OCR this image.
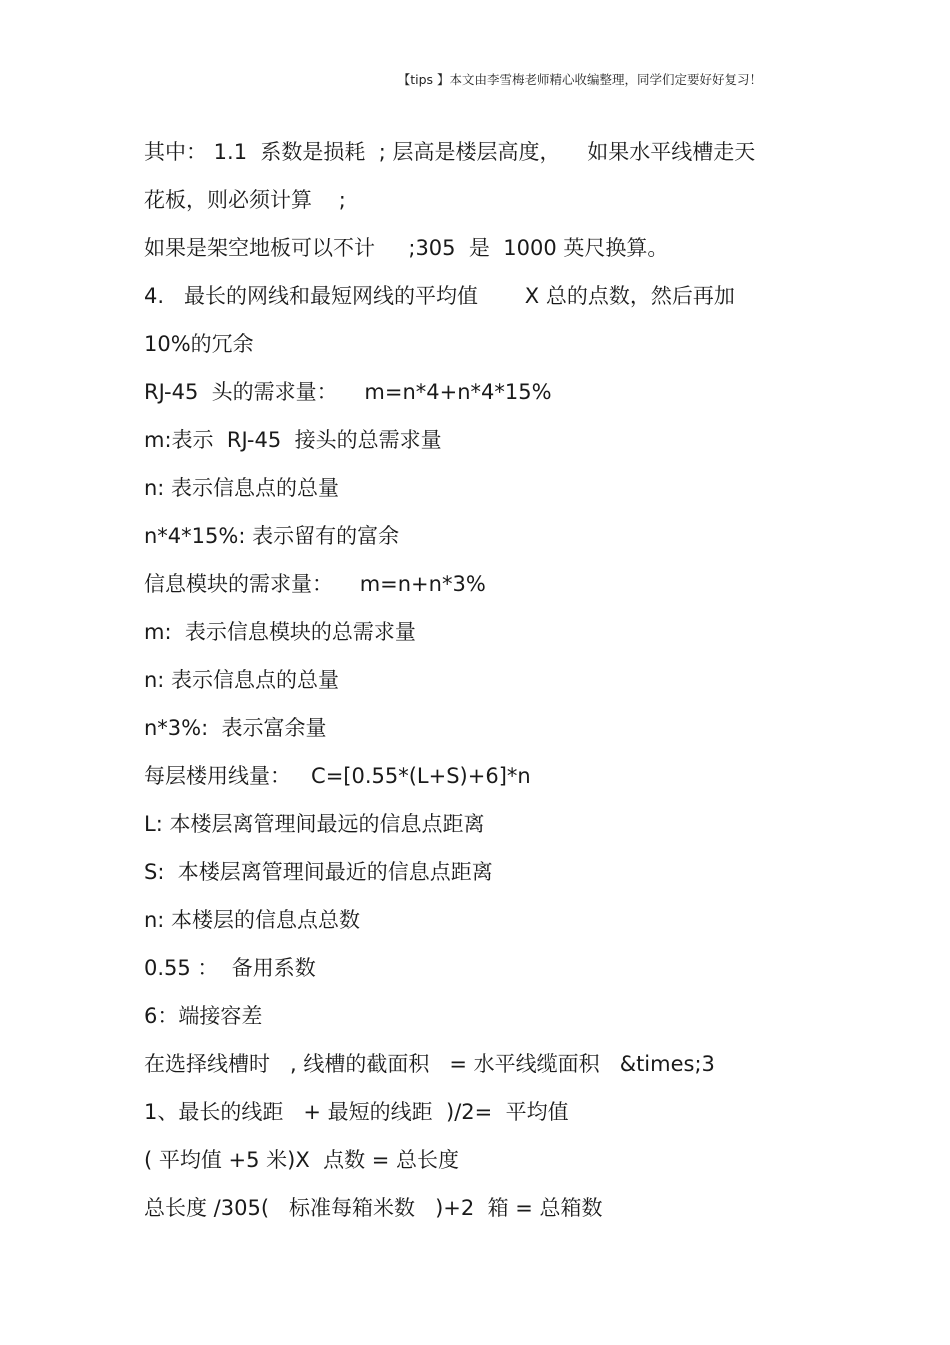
【tips 】本文由李雪梅老师精心收编整理，同学们定要好好复习！
其中： 1.1  系数是损耗  ; 层高是楼层高度，    如果水平线槽走天
花板，则必须计算    ;
如果是架空地板可以不计     ;305  是  1000 英尺换算。
4.   最长的网线和最短网线的平均值       X 总的点数，然后再加
10%的冗余
RJ-45  头的需求量：    m=n*4+n*4*15%
m:表示  RJ-45  接头的总需求量
n: 表示信息点的总量
n*4*15%: 表示留有的富余
信息模块的需求量：    m=n+n*3%
m:  表示信息模块的总需求量
n: 表示信息点的总量
n*3%:  表示富余量
每层楼用线量：   C=[0.55*(L+S)+6]*n
L: 本楼层离管理间最远的信息点距离
S:  本楼层离管理间最近的信息点距离
n: 本楼层的信息点总数
0.55 ：  备用系数
6：端接容差
在选择线槽时   , 线槽的截面积   = 水平线缆面积   &times;3
1、最长的线距   + 最短的线距  )/2=  平均值
( 平均值 +5 米)X  点数 = 总长度
总长度 /305(   标准每箱米数   )+2  箱 = 总箱数
